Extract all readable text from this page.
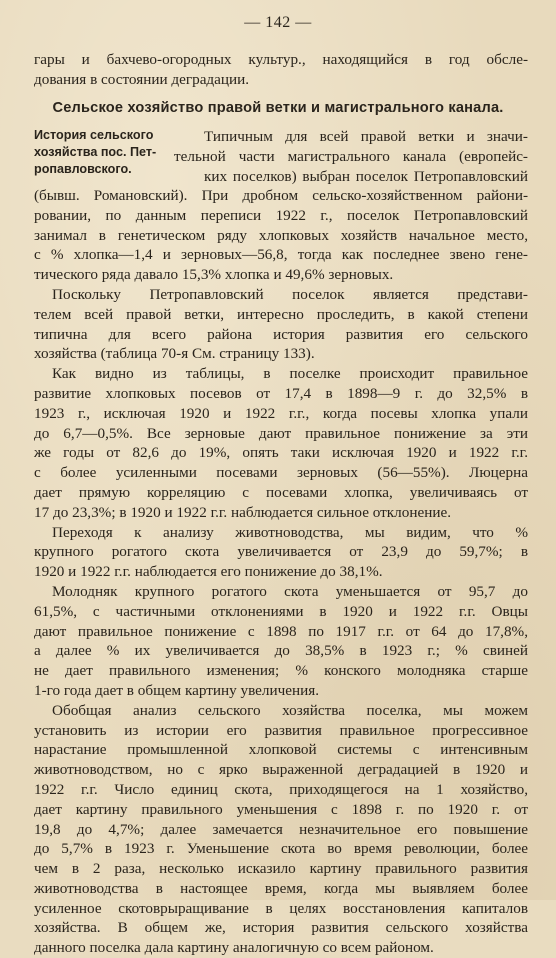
— 142 —
гары и бахчево-огородных культур., находящийся в год обсле-
дования в состоянии деградации.
Сельское хозяйство правой ветки и магистрального канала.
История сельского
хозяйства пос. Пет-
ропавловского.
Типичным для всей правой ветки и значи-
тельной части магистрального канала (европейс-
ких поселков) выбран поселок Петропавловский
(бывш. Романовский). При дробном сельско-хозяйственном райони-
ровании, по данным переписи 1922 г., поселок Петропавловский
занимал в генетическом ряду хлопковых хозяйств начальное место,
с % хлопка—1,4 и зерновых—56,8, тогда как последнее звено гене-
тического ряда давало 15,3% хлопка и 49,6% зерновых.
Поскольку Петропавловский поселок является представи-
телем всей правой ветки, интересно проследить, в какой степени
типична для всего района история развития его сельского
хозяйства (таблица 70-я См. страницу 133).
Как видно из таблицы, в поселке происходит правильное
развитие хлопковых посевов от 17,4 в 1898—9 г. до 32,5% в
1923 г., исключая 1920 и 1922 г.г., когда посевы хлопка упали
до 6,7—0,5%. Все зерновые дают правильное понижение за эти
же годы от 82,6 до 19%, опять таки исключая 1920 и 1922 г.г.
с более усиленными посевами зерновых (56—55%). Люцерна
дает прямую корреляцию с посевами хлопка, увеличиваясь от
17 до 23,3%; в 1920 и 1922 г.г. наблюдается сильное отклонение.
Переходя к анализу животноводства, мы видим, что %
крупного рогатого скота увеличивается от 23,9 до 59,7%; в
1920 и 1922 г.г. наблюдается его понижение до 38,1%.
Молодняк крупного рогатого скота уменьшается от 95,7 до
61,5%, с частичными отклонениями в 1920 и 1922 г.г. Овцы
дают правильное понижение с 1898 по 1917 г.г. от 64 до 17,8%,
а далее % их увеличивается до 38,5% в 1923 г.; % свиней
не дает правильного изменения; % конского молодняка старше
1-го года дает в общем картину увеличения.
Обобщая анализ сельского хозяйства поселка, мы можем
установить из истории его развития правильное прогрессивное
нарастание промышленной хлопковой системы с интенсивным
животноводством, но с ярко выраженной деградацией в 1920 и
1922 г.г. Число единиц скота, приходящегося на 1 хозяйство,
дает картину правильного уменьшения с 1898 г. по 1920 г. от
19,8 до 4,7%; далее замечается незначительное его повышение
до 5,7% в 1923 г. Уменьшение скота во время революции, более
чем в 2 раза, несколько исказило картину правильного развития
животноводства в настоящее время, когда мы выявляем более
усиленное скотоврыращивание в целях восстановления капиталов
хозяйства. В общем же, история развития сельского хозяйства
данного поселка дала картину аналогичную со всем районом.
